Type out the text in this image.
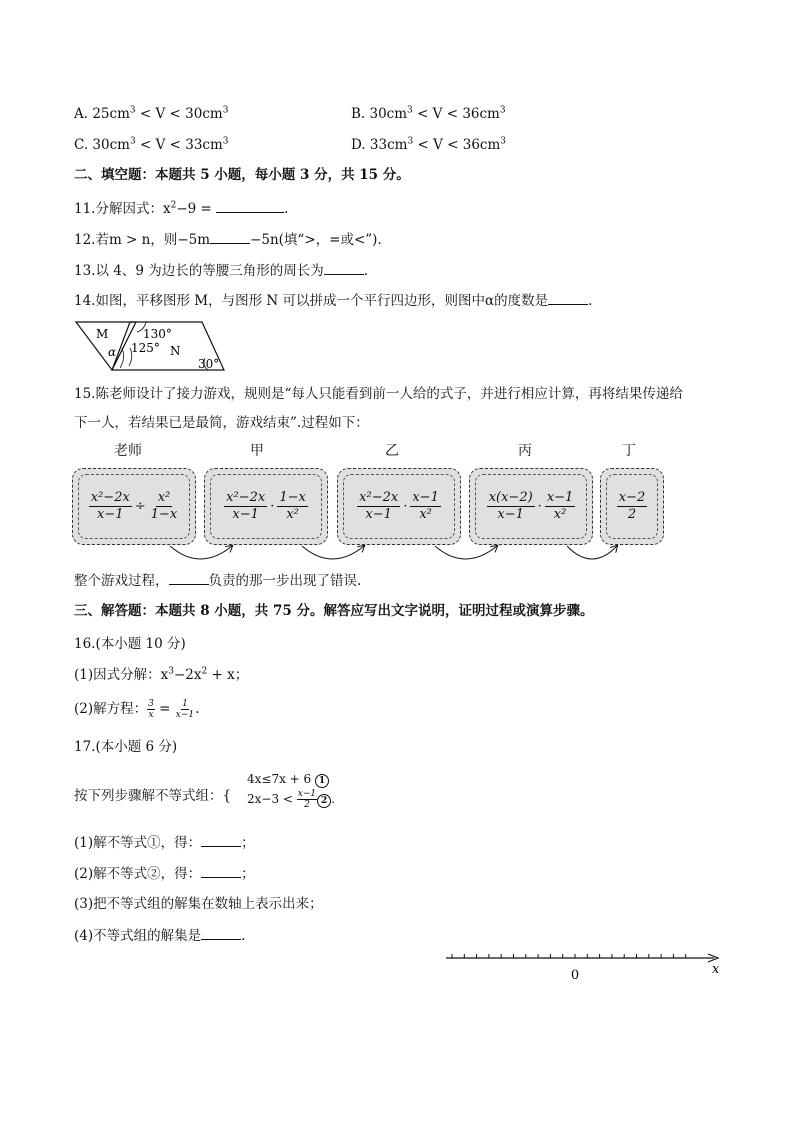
A. $25cm^3 < V < 30cm^3$	B. $30cm^3 < V < 36cm^3$
C. $30cm^3 < V < 33cm^3$	D. $33cm^3 < V < 36cm^3$
二、填空题：本题共 5 小题，每小题 3 分，共 15 分。
11.分解因式：$x^2-9$ =	.
12.若m > n，则−5m	−5n(填“>，=或<”).
13.以 4、9 为边长的等腰三角形的周长为	.
14.如图，平移图形 M，与图形 N 可以拼成一个平行四边形，则图中α的度数是	.
M
α
130°
125° N
30°
15.陈老师设计了接力游戏，规则是“每人只能看到前一人给的式子，并进行相应计算，再将结果传递给
下一人，若结果已是最简，游戏结束”.过程如下：
老师	甲	乙	丙	丁
$\frac{\text{x²−2x}}{x-1} \div \frac{\text{x²}}{1-x}$	$\frac{\text{x²−2x}}{x-1} \cdot \frac{1-x}{\text{x²}}$	$\frac{\text{x²−2x}}{x-1} \cdot \frac{x-1}{\text{x²}}$	$\frac{x(x-2)}{x-1} \cdot \frac{x-1}{\text{x²}}$	$\frac{x-2}{2}$
整个游戏过程，	负责的那一步出现了错误.
三、解答题：本题共 8 小题，共 75 分。解答应写出文字说明，证明过程或演算步骤。
16.(本小题 10 分)
(1)因式分解：$x^3-2x^2 + x$；
(2)解方程： $\frac{3}{x} = \frac{1}{x-1}$ .
17.(本小题 6 分)
按下列步骤解不等式组：{
4x≤7x + 6 1
$2x-3 < \frac{x-1}{2} 2$ .
(1)解不等式①，得：	；
(2)解不等式②，得：	；
(3)把不等式组的解集在数轴上表示出来；
(4)不等式组的解集是	.
0	x
